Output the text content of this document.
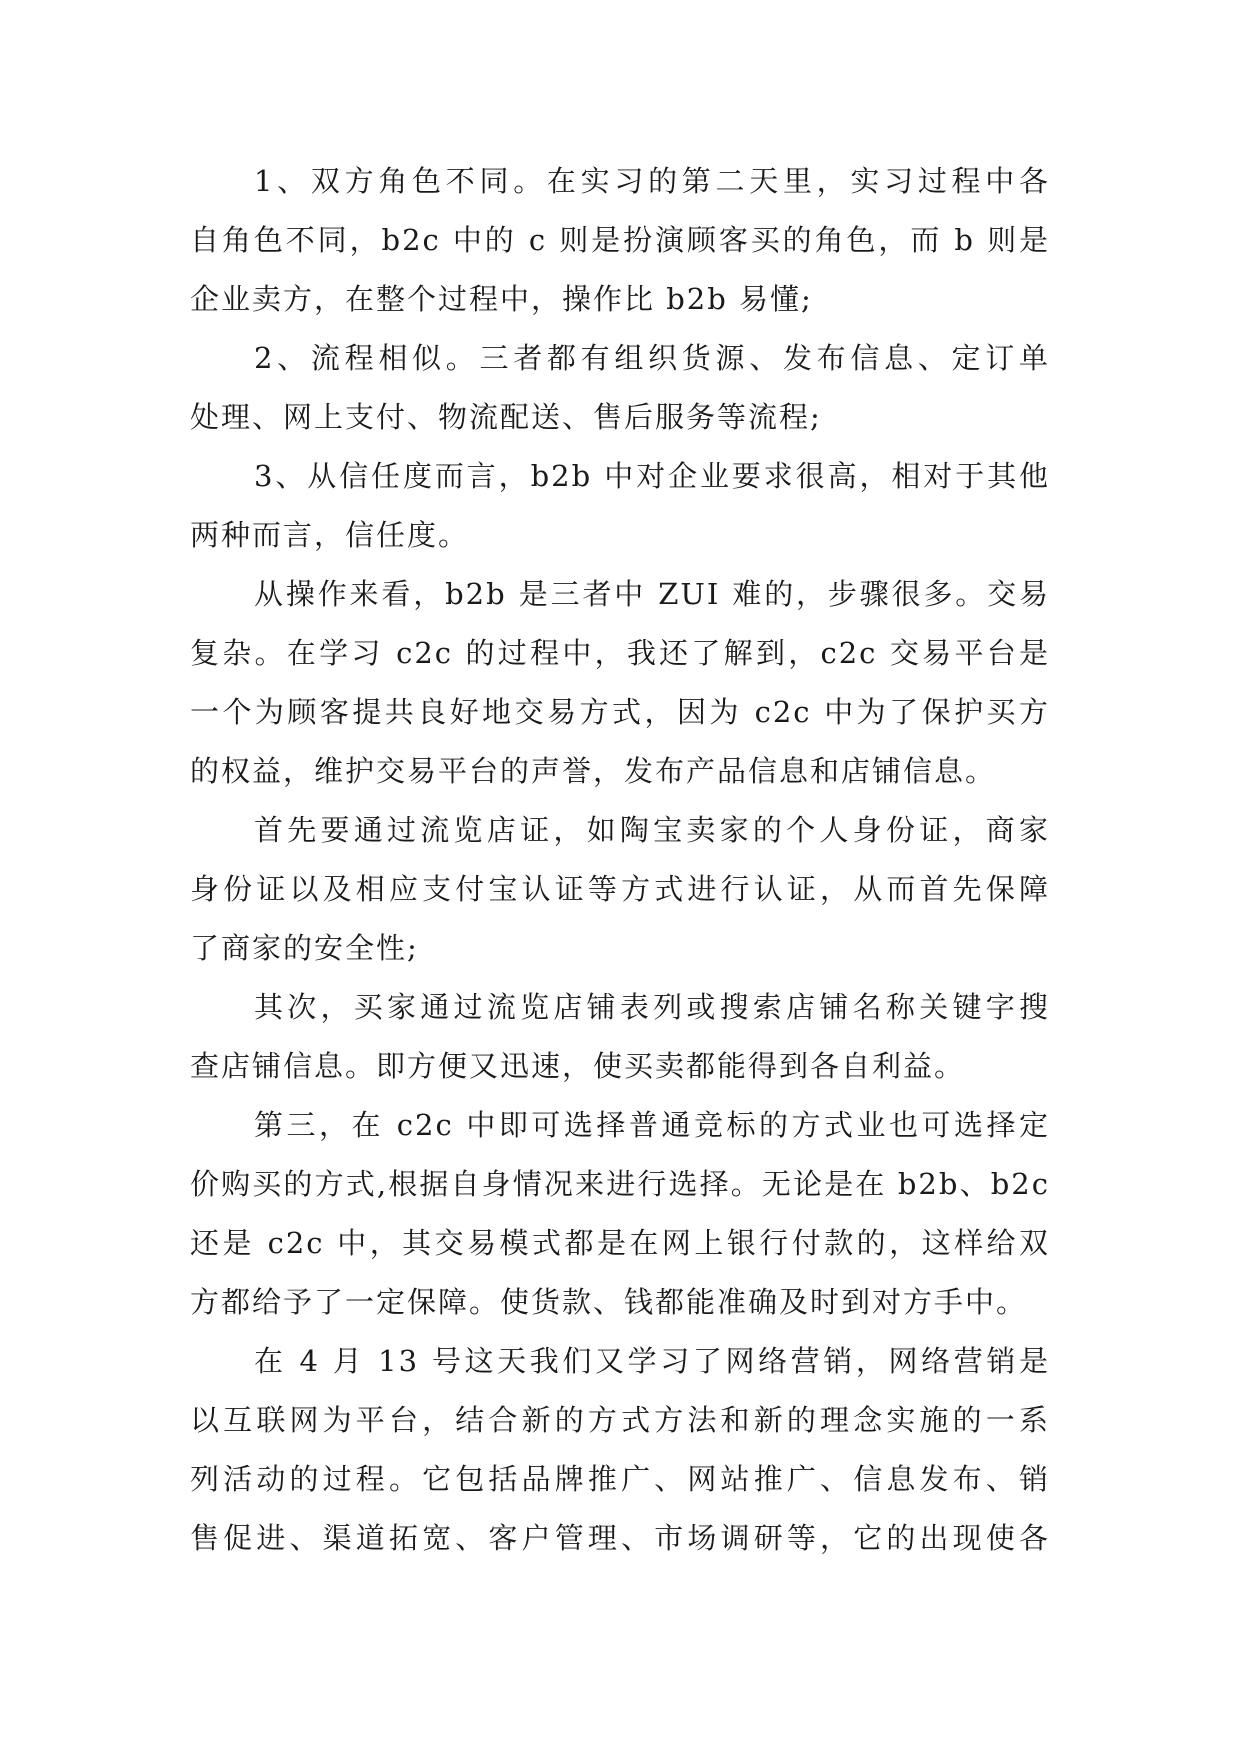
1、双方角色不同。在实习的第二天里，实习过程中各
自角色不同，b2c 中的 c 则是扮演顾客买的角色，而 b 则是
企业卖方，在整个过程中，操作比 b2b 易懂;
2、流程相似。三者都有组织货源、发布信息、定订单
处理、网上支付、物流配送、售后服务等流程;
3、从信任度而言，b2b 中对企业要求很高，相对于其他
两种而言，信任度。
从操作来看，b2b 是三者中 ZUI 难的，步骤很多。交易
复杂。在学习 c2c 的过程中，我还了解到，c2c 交易平台是
一个为顾客提共良好地交易方式，因为 c2c 中为了保护买方
的权益，维护交易平台的声誉，发布产品信息和店铺信息。
首先要通过流览店证，如陶宝卖家的个人身份证，商家
身份证以及相应支付宝认证等方式进行认证，从而首先保障
了商家的安全性;
其次，买家通过流览店铺表列或搜索店铺名称关键字搜
查店铺信息。即方便又迅速，使买卖都能得到各自利益。
第三，在 c2c 中即可选择普通竞标的方式业也可选择定
价购买的方式,根据自身情况来进行选择。无论是在 b2b、b2c
还是 c2c 中，其交易模式都是在网上银行付款的，这样给双
方都给予了一定保障。使货款、钱都能准确及时到对方手中。
在 4 月 13 号这天我们又学习了网络营销，网络营销是
以互联网为平台，结合新的方式方法和新的理念实施的一系
列活动的过程。它包括品牌推广、网站推广、信息发布、销
售促进、渠道拓宽、客户管理、市场调研等，它的出现使各
